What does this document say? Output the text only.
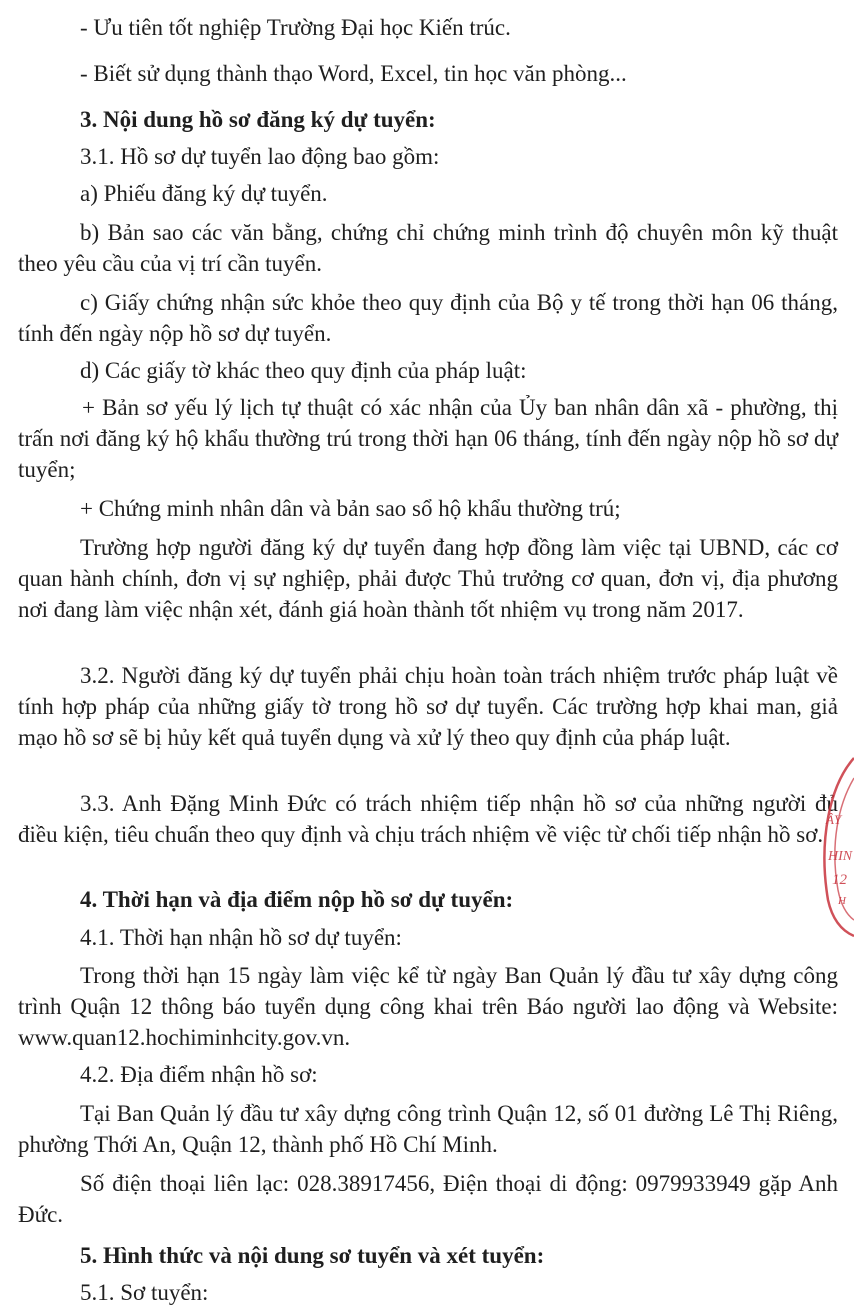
- Ưu tiên tốt nghiệp Trường Đại học Kiến trúc.

- Biết sử dụng thành thạo Word, Excel, tin học văn phòng...

3. Nội dung hồ sơ đăng ký dự tuyển:

3.1. Hồ sơ dự tuyển lao động bao gồm:

a) Phiếu đăng ký dự tuyển.

b) Bản sao các văn bằng, chứng chỉ chứng minh trình độ chuyên môn kỹ thuật theo yêu cầu của vị trí cần tuyển.

c) Giấy chứng nhận sức khỏe theo quy định của Bộ y tế trong thời hạn 06 tháng, tính đến ngày nộp hồ sơ dự tuyển.

d) Các giấy tờ khác theo quy định của pháp luật:

+ Bản sơ yếu lý lịch tự thuật có xác nhận của Ủy ban nhân dân xã - phường, thị trấn nơi đăng ký hộ khẩu thường trú trong thời hạn 06 tháng, tính đến ngày nộp hồ sơ dự tuyển;

+ Chứng minh nhân dân và bản sao sổ hộ khẩu thường trú;

Trường hợp người đăng ký dự tuyển đang hợp đồng làm việc tại UBND, các cơ quan hành chính, đơn vị sự nghiệp, phải được Thủ trưởng cơ quan, đơn vị, địa phương nơi đang làm việc nhận xét, đánh giá hoàn thành tốt nhiệm vụ trong năm 2017.

3.2. Người đăng ký dự tuyển phải chịu hoàn toàn trách nhiệm trước pháp luật về tính hợp pháp của những giấy tờ trong hồ sơ dự tuyển. Các trường hợp khai man, giả mạo hồ sơ sẽ bị hủy kết quả tuyển dụng và xử lý theo quy định của pháp luật.

3.3. Anh Đặng Minh Đức có trách nhiệm tiếp nhận hồ sơ của những người đủ điều kiện, tiêu chuẩn theo quy định và chịu trách nhiệm về việc từ chối tiếp nhận hồ sơ.

4. Thời hạn và địa điểm nộp hồ sơ dự tuyển:

4.1. Thời hạn nhận hồ sơ dự tuyển:

Trong thời hạn 15 ngày làm việc kể từ ngày Ban Quản lý đầu tư xây dựng công trình Quận 12 thông báo tuyển dụng công khai trên Báo người lao động và Website: www.quan12.hochiminhcity.gov.vn.

4.2. Địa điểm nhận hồ sơ:

Tại Ban Quản lý đầu tư xây dựng công trình Quận 12, số 01 đường Lê Thị Riêng, phường Thới An, Quận 12, thành phố Hồ Chí Minh.

Số điện thoại liên lạc: 028.38917456, Điện thoại di động: 0979933949 gặp Anh Đức.

5. Hình thức và nội dung sơ tuyển và xét tuyển:

5.1. Sơ tuyển:

ÂY
HIN
12
H
